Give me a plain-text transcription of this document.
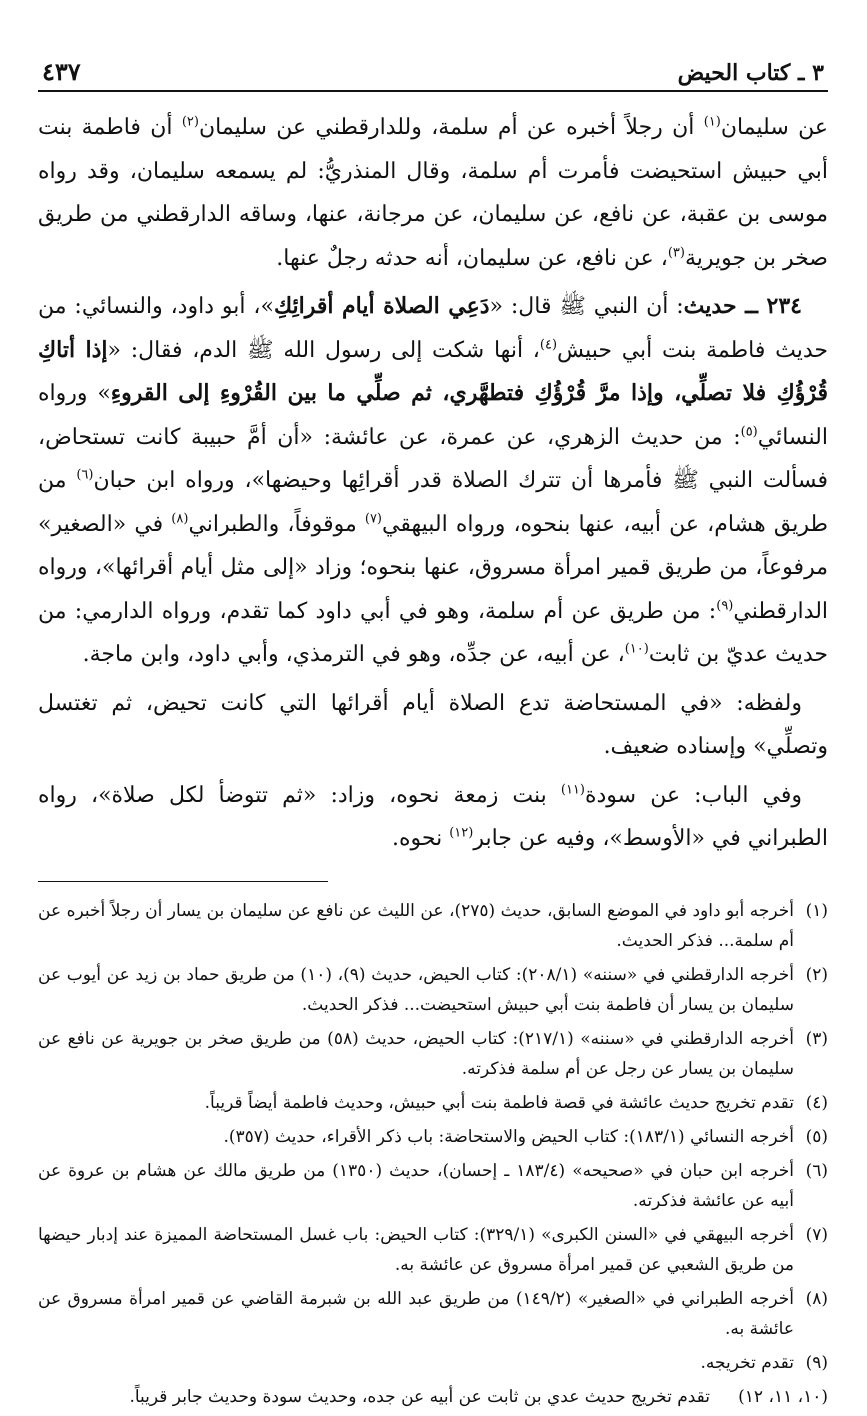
٣ ـ كتاب الحيض
٤٣٧

عن سليمان$^{(١)}$ أن رجلاً أخبره عن أم سلمة، وللدارقطني عن سليمان$^{(٢)}$ أن فاطمة بنت أبي حبيش استحيضت فأمرت أم سلمة، وقال المنذريُّ: لم يسمعه سليمان، وقد رواه موسى بن عقبة، عن نافع، عن سليمان، عن مرجانة، عنها، وساقه الدارقطني من طريق صخر بن جويرية$^{(٣)}$، عن نافع، عن سليمان، أنه حدثه رجلٌ عنها.

٢٣٤ ــ حديث: أن النبي ﷺ قال: «دَعِي الصلاة أيام أقرائِكِ»، أبو داود، والنسائي: من حديث فاطمة بنت أبي حبيش$^{(٤)}$، أنها شكت إلى رسول الله ﷺ الدم، فقال: «إذا أتاكِ قُرْؤُكِ فلا تصلِّي، وإذا مرَّ قُرْؤُكِ فتطهَّري، ثم صلِّي ما بين القُرْوءِ إلى القروءِ» ورواه النسائي$^{(٥)}$: من حديث الزهري، عن عمرة، عن عائشة: «أن أمَّ حبيبة كانت تستحاض، فسألت النبي ﷺ فأمرها أن تترك الصلاة قدر أقرائِها وحيضها»، ورواه ابن حبان$^{(٦)}$ من طريق هشام، عن أبيه، عنها بنحوه، ورواه البيهقي$^{(٧)}$ موقوفاً، والطبراني$^{(٨)}$ في «الصغير» مرفوعاً، من طريق قمير امرأة مسروق، عنها بنحوه؛ وزاد «إلى مثل أيام أقرائها»، ورواه الدارقطني$^{(٩)}$: من طريق عن أم سلمة، وهو في أبي داود كما تقدم، ورواه الدارمي: من حديث عديّ بن ثابت$^{(١٠)}$، عن أبيه، عن جدِّه، وهو في الترمذي، وأبي داود، وابن ماجة.

ولفظه: «في المستحاضة تدع الصلاة أيام أقرائها التي كانت تحيض، ثم تغتسل وتصلِّي» وإسناده ضعيف.

وفي الباب: عن سودة$^{(١١)}$ بنت زمعة نحوه، وزاد: «ثم تتوضأ لكل صلاة»، رواه الطبراني في «الأوسط»، وفيه عن جابر$^{(١٢)}$ نحوه.

(١)
أخرجه أبو داود في الموضع السابق، حديث (٢٧٥)، عن الليث عن نافع عن سليمان بن يسار أن رجلاً أخبره عن أم سلمة... فذكر الحديث.
(٢)
أخرجه الدارقطني في «سننه» (٢٠٨/١): كتاب الحيض، حديث (٩)، (١٠) من طريق حماد بن زيد عن أيوب عن سليمان بن يسار أن فاطمة بنت أبي حبيش استحيضت... فذكر الحديث.
(٣)
أخرجه الدارقطني في «سننه» (٢١٧/١): كتاب الحيض، حديث (٥٨) من طريق صخر بن جويرية عن نافع عن سليمان بن يسار عن رجل عن أم سلمة فذكرته.
(٤)
تقدم تخريج حديث عائشة في قصة فاطمة بنت أبي حبيش، وحديث فاطمة أيضاً قريباً.
(٥)
أخرجه النسائي (١٨٣/١): كتاب الحيض والاستحاضة: باب ذكر الأقراء، حديث (٣٥٧).
(٦)
أخرجه ابن حبان في «صحيحه» (١٨٣/٤ ـ إحسان)، حديث (١٣٥٠) من طريق مالك عن هشام بن عروة عن أبيه عن عائشة فذكرته.
(٧)
أخرجه البيهقي في «السنن الكبرى» (٣٢٩/١): كتاب الحيض: باب غسل المستحاضة المميزة عند إدبار حيضها من طريق الشعبي عن قمير امرأة مسروق عن عائشة به.
(٨)
أخرجه الطبراني في «الصغير» (١٤٩/٢) من طريق عبد الله بن شبرمة القاضي عن قمير امرأة مسروق عن عائشة به.
(٩)
تقدم تخريجه.
(١٠، ١١، ١٢)
تقدم تخريج حديث عدي بن ثابت عن أبيه عن جده، وحديث سودة وحديث جابر قريباً.
